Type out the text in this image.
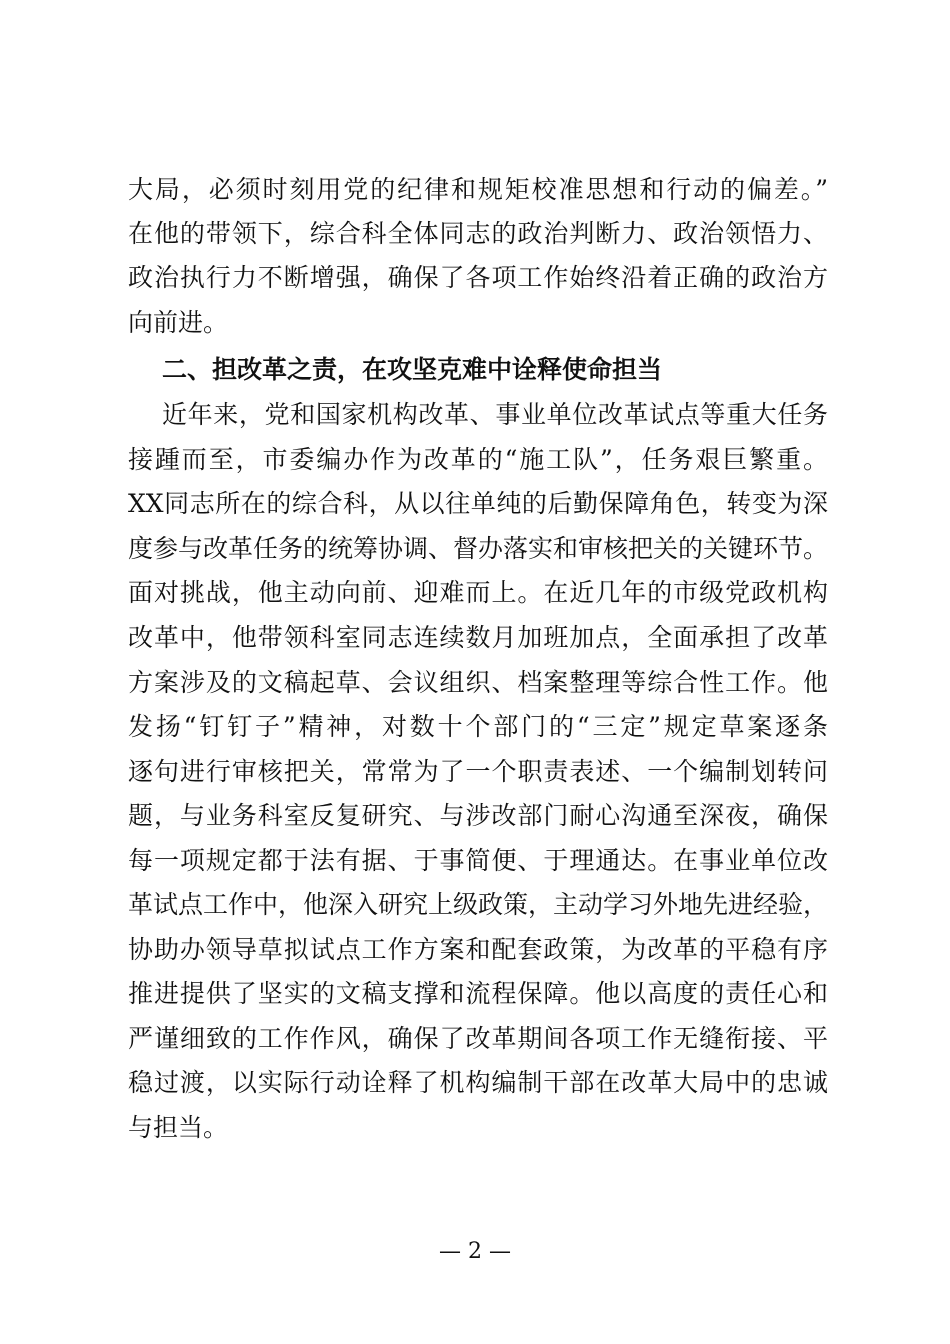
大局，必须时刻用党的纪律和规矩校准思想和行动的偏差。”
在他的带领下，综合科全体同志的政治判断力、政治领悟力、
政治执行力不断增强，确保了各项工作始终沿着正确的政治方
向前进。
二、担改革之责，在攻坚克难中诠释使命担当
近年来，党和国家机构改革、事业单位改革试点等重大任务
接踵而至，市委编办作为改革的“施工队”，任务艰巨繁重。
XX同志所在的综合科，从以往单纯的后勤保障角色，转变为深
度参与改革任务的统筹协调、督办落实和审核把关的关键环节。
面对挑战，他主动向前、迎难而上。在近几年的市级党政机构
改革中，他带领科室同志连续数月加班加点，全面承担了改革
方案涉及的文稿起草、会议组织、档案整理等综合性工作。他
发扬“钉钉子”精神，对数十个部门的“三定”规定草案逐条
逐句进行审核把关，常常为了一个职责表述、一个编制划转问
题，与业务科室反复研究、与涉改部门耐心沟通至深夜，确保
每一项规定都于法有据、于事简便、于理通达。在事业单位改
革试点工作中，他深入研究上级政策，主动学习外地先进经验，
协助办领导草拟试点工作方案和配套政策，为改革的平稳有序
推进提供了坚实的文稿支撑和流程保障。他以高度的责任心和
严谨细致的工作作风，确保了改革期间各项工作无缝衔接、平
稳过渡，以实际行动诠释了机构编制干部在改革大局中的忠诚
与担当。
— 2 —
